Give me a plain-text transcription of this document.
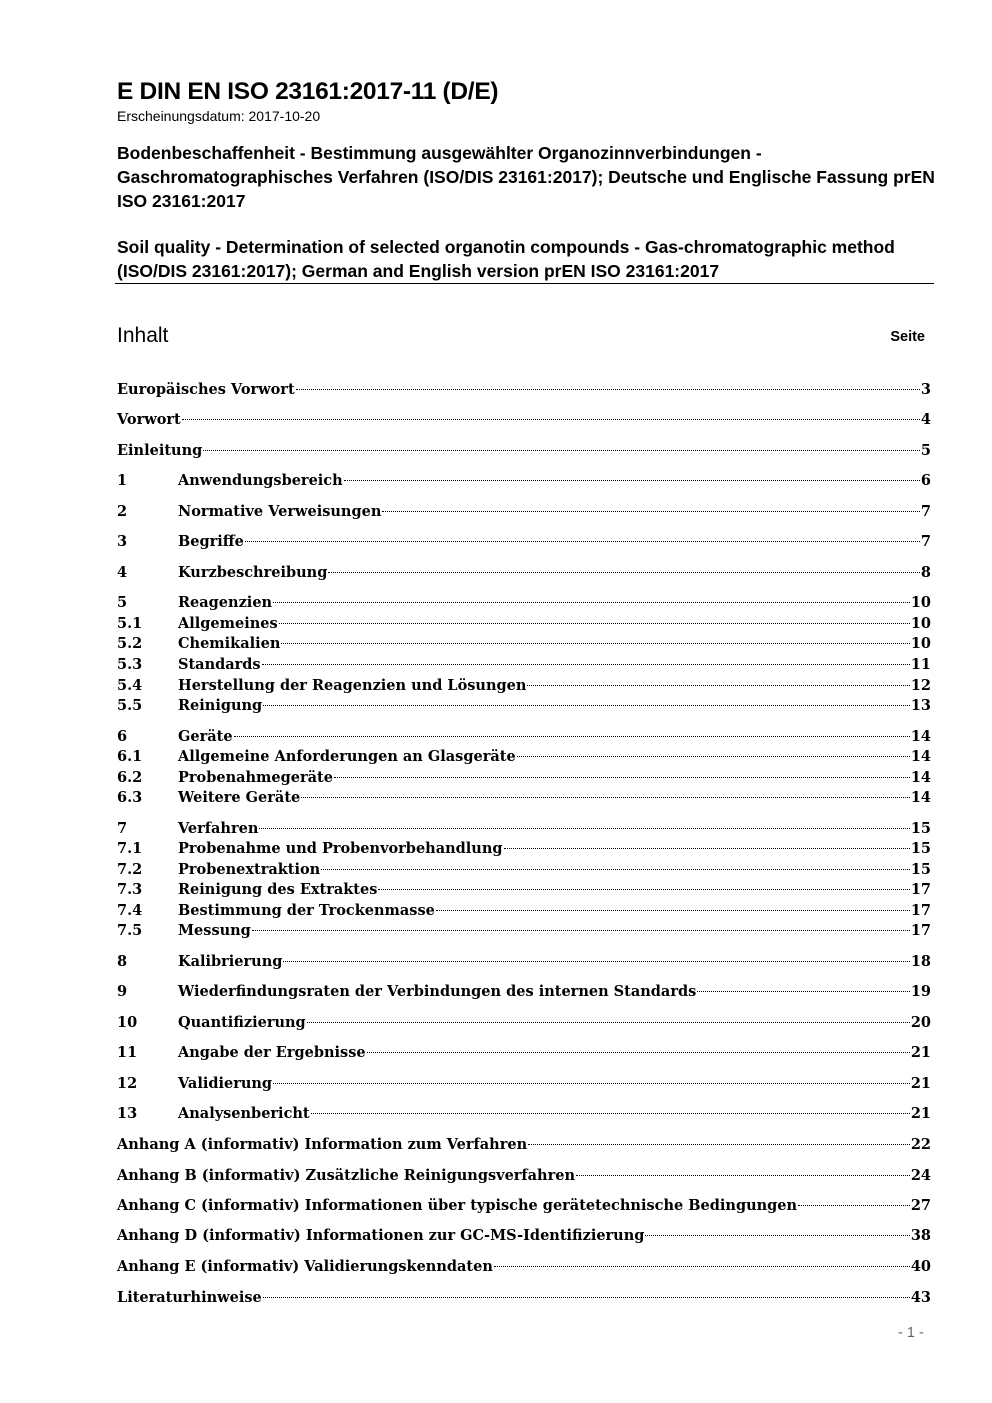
E DIN EN ISO 23161:2017-11 (D/E)
Erscheinungsdatum: 2017-10-20
Bodenbeschaffenheit - Bestimmung ausgewählter Organozinnverbindungen - Gaschromatographisches Verfahren (ISO/DIS 23161:2017); Deutsche und Englische Fassung prEN ISO 23161:2017
Soil quality - Determination of selected organotin compounds - Gas-chromatographic method (ISO/DIS 23161:2017); German and English version prEN ISO 23161:2017
Inhalt	Seite
Europäisches Vorwort	3
Vorwort	4
Einleitung	5
1	Anwendungsbereich	6
2	Normative Verweisungen	7
3	Begriffe	7
4	Kurzbeschreibung	8
5	Reagenzien	10
5.1	Allgemeines	10
5.2	Chemikalien	10
5.3	Standards	11
5.4	Herstellung der Reagenzien und Lösungen	12
5.5	Reinigung	13
6	Geräte	14
6.1	Allgemeine Anforderungen an Glasgeräte	14
6.2	Probenahmegeräte	14
6.3	Weitere Geräte	14
7	Verfahren	15
7.1	Probenahme und Probenvorbehandlung	15
7.2	Probenextraktion	15
7.3	Reinigung des Extraktes	17
7.4	Bestimmung der Trockenmasse	17
7.5	Messung	17
8	Kalibrierung	18
9	Wiederfindungsraten der Verbindungen des internen Standards	19
10	Quantifizierung	20
11	Angabe der Ergebnisse	21
12	Validierung	21
13	Analysenbericht	21
Anhang A (informativ) Information zum Verfahren	22
Anhang B (informativ) Zusätzliche Reinigungsverfahren	24
Anhang C (informativ) Informationen über typische gerätetechnische Bedingungen	27
Anhang D (informativ) Informationen zur GC-MS-Identifizierung	38
Anhang E (informativ) Validierungskenndaten	40
Literaturhinweise	43
- 1 -
